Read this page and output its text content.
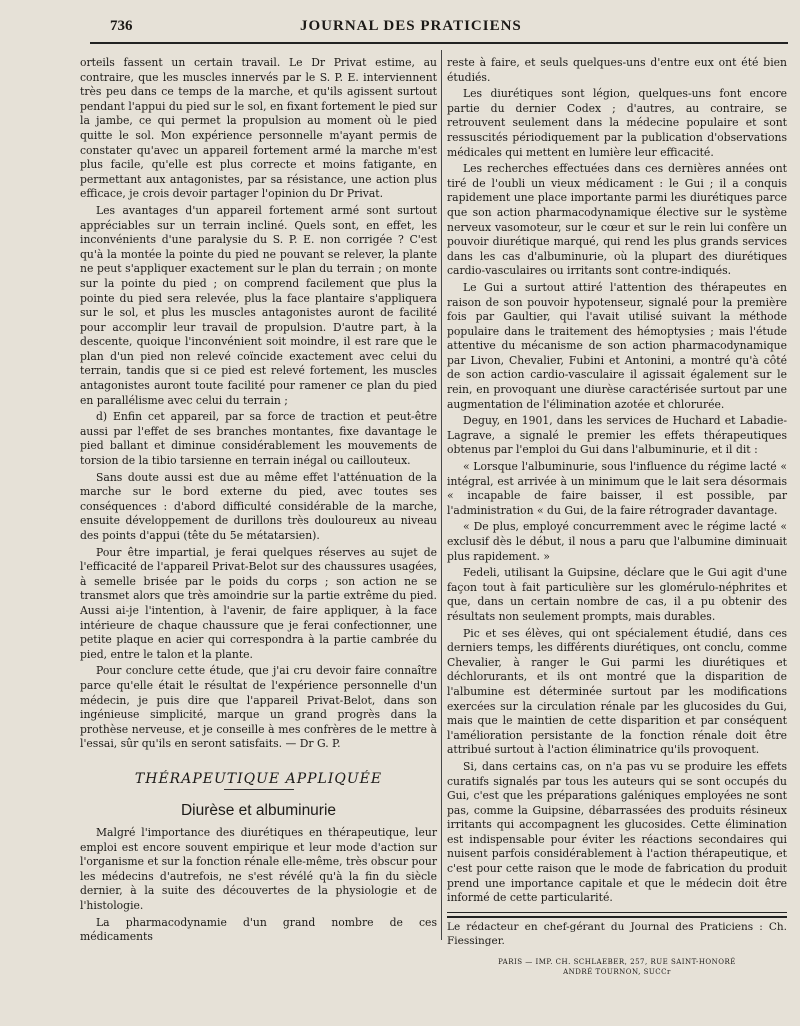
736	JOURNAL DES PRATICIENS

orteils fassent un certain travail. Le Dr Privat estime, au contraire, que les muscles innervés par le S. P. E. interviennent très peu dans ce temps de la marche, et qu'ils agissent surtout pendant l'appui du pied sur le sol, en fixant fortement le pied sur la jambe, ce qui permet la propulsion au moment où le pied quitte le sol. Mon expérience personnelle m'ayant permis de constater qu'avec un appareil fortement armé la marche m'est plus facile, qu'elle est plus correcte et moins fatigante, en permettant aux antagonistes, par sa résistance, une action plus efficace, je crois devoir partager l'opinion du Dr Privat.

Les avantages d'un appareil fortement armé sont surtout appréciables sur un terrain incliné. Quels sont, en effet, les inconvénients d'une paralysie du S. P. E. non corrigée ? C'est qu'à la montée la pointe du pied ne pouvant se relever, la plante ne peut s'appliquer exactement sur le plan du terrain ; on monte sur la pointe du pied ; on comprend facilement que plus la pointe du pied sera relevée, plus la face plantaire s'appliquera sur le sol, et plus les muscles antagonistes auront de facilité pour accomplir leur travail de propulsion. D'autre part, à la descente, quoique l'inconvénient soit moindre, il est rare que le plan d'un pied non relevé coïncide exactement avec celui du terrain, tandis que si ce pied est relevé fortement, les muscles antagonistes auront toute facilité pour ramener ce plan du pied en parallélisme avec celui du terrain ;

d) Enfin cet appareil, par sa force de traction et peut-être aussi par l'effet de ses branches montantes, fixe davantage le pied ballant et diminue considérablement les mouvements de torsion de la tibio tarsienne en terrain inégal ou caillouteux.

Sans doute aussi est due au même effet l'atténuation de la marche sur le bord externe du pied, avec toutes ses conséquences : d'abord difficulté considérable de la marche, ensuite développement de durillons très douloureux au niveau des points d'appui (tête du 5e métatarsien).

Pour être impartial, je ferai quelques réserves au sujet de l'efficacité de l'appareil Privat-Belot sur des chaussures usagées, à semelle brisée par le poids du corps ; son action ne se transmet alors que très amoindrie sur la partie extrême du pied. Aussi ai-je l'intention, à l'avenir, de faire appliquer, à la face intérieure de chaque chaussure que je ferai confectionner, une petite plaque en acier qui correspondra à la partie cambrée du pied, entre le talon et la plante.

Pour conclure cette étude, que j'ai cru devoir faire connaître parce qu'elle était le résultat de l'expérience personnelle d'un médecin, je puis dire que l'appareil Privat-Belot, dans son ingénieuse simplicité, marque un grand progrès dans la prothèse nerveuse, et je conseille à mes confrères de le mettre à l'essai, sûr qu'ils en seront satisfaits. — Dr G. P.

THÉRAPEUTIQUE APPLIQUÉE
Diurèse et albuminurie

Malgré l'importance des diurétiques en thérapeutique, leur emploi est encore souvent empirique et leur mode d'action sur l'organisme et sur la fonction rénale elle-même, très obscur pour les médecins d'autrefois, ne s'est révélé qu'à la fin du siècle dernier, à la suite des découvertes de la physiologie et de l'histologie.

La pharmacodynamie d'un grand nombre de ces médicaments

reste à faire, et seuls quelques-uns d'entre eux ont été bien étudiés.

Les diurétiques sont légion, quelques-uns font encore partie du dernier Codex ; d'autres, au contraire, se retrouvent seulement dans la médecine populaire et sont ressuscités périodiquement par la publication d'observations médicales qui mettent en lumière leur efficacité.

Les recherches effectuées dans ces dernières années ont tiré de l'oubli un vieux médicament : le Gui ; il a conquis rapidement une place importante parmi les diurétiques parce que son action pharmacodynamique élective sur le système nerveux vasomoteur, sur le cœur et sur le rein lui confère un pouvoir diurétique marqué, qui rend les plus grands services dans les cas d'albuminurie, où la plupart des diurétiques cardio-vasculaires ou irritants sont contre-indiqués.

Le Gui a surtout attiré l'attention des thérapeutes en raison de son pouvoir hypotenseur, signalé pour la première fois par Gaultier, qui l'avait utilisé suivant la méthode populaire dans le traitement des hémoptysies ; mais l'étude attentive du mécanisme de son action pharmacodynamique par Livon, Chevalier, Fubini et Antonini, a montré qu'à côté de son action cardio-vasculaire il agissait également sur le rein, en provoquant une diurèse caractérisée surtout par une augmentation de l'élimination azotée et chlorurée.

Deguy, en 1901, dans les services de Huchard et Labadie-Lagrave, a signalé le premier les effets thérapeutiques obtenus par l'emploi du Gui dans l'albuminurie, et il dit :

« Lorsque l'albuminurie, sous l'influence du régime lacté « intégral, est arrivée à un minimum que le lait sera désormais « incapable de faire baisser, il est possible, par l'administration « du Gui, de la faire rétrograder davantage.

« De plus, employé concurremment avec le régime lacté « exclusif dès le début, il nous a paru que l'albumine diminuait plus rapidement. »

Fedeli, utilisant la Guipsine, déclare que le Gui agit d'une façon tout à fait particulière sur les glomérulo-néphrites et que, dans un certain nombre de cas, il a pu obtenir des résultats non seulement prompts, mais durables.

Pic et ses élèves, qui ont spécialement étudié, dans ces derniers temps, les différents diurétiques, ont conclu, comme Chevalier, à ranger le Gui parmi les diurétiques et déchlorurants, et ils ont montré que la disparition de l'albumine est déterminée surtout par les modifications exercées sur la circulation rénale par les glucosides du Gui, mais que le maintien de cette disparition et par conséquent l'amélioration persistante de la fonction rénale doit être attribué surtout à l'action éliminatrice qu'ils provoquent.

Si, dans certains cas, on n'a pas vu se produire les effets curatifs signalés par tous les auteurs qui se sont occupés du Gui, c'est que les préparations galéniques employées ne sont pas, comme la Guipsine, débarrassées des produits résineux irritants qui accompagnent les glucosides. Cette élimination est indispensable pour éviter les réactions secondaires qui nuisent parfois considérablement à l'action thérapeutique, et c'est pour cette raison que le mode de fabrication du produit prend une importance capitale et que le médecin doit être informé de cette particularité.

Le rédacteur en chef-gérant du Journal des Praticiens : Ch. Fiessinger.

PARIS — IMP. CH. SCHLAEBER, 257, RUE SAINT-HONORÉ
ANDRÉ TOURNON, SUCCr
